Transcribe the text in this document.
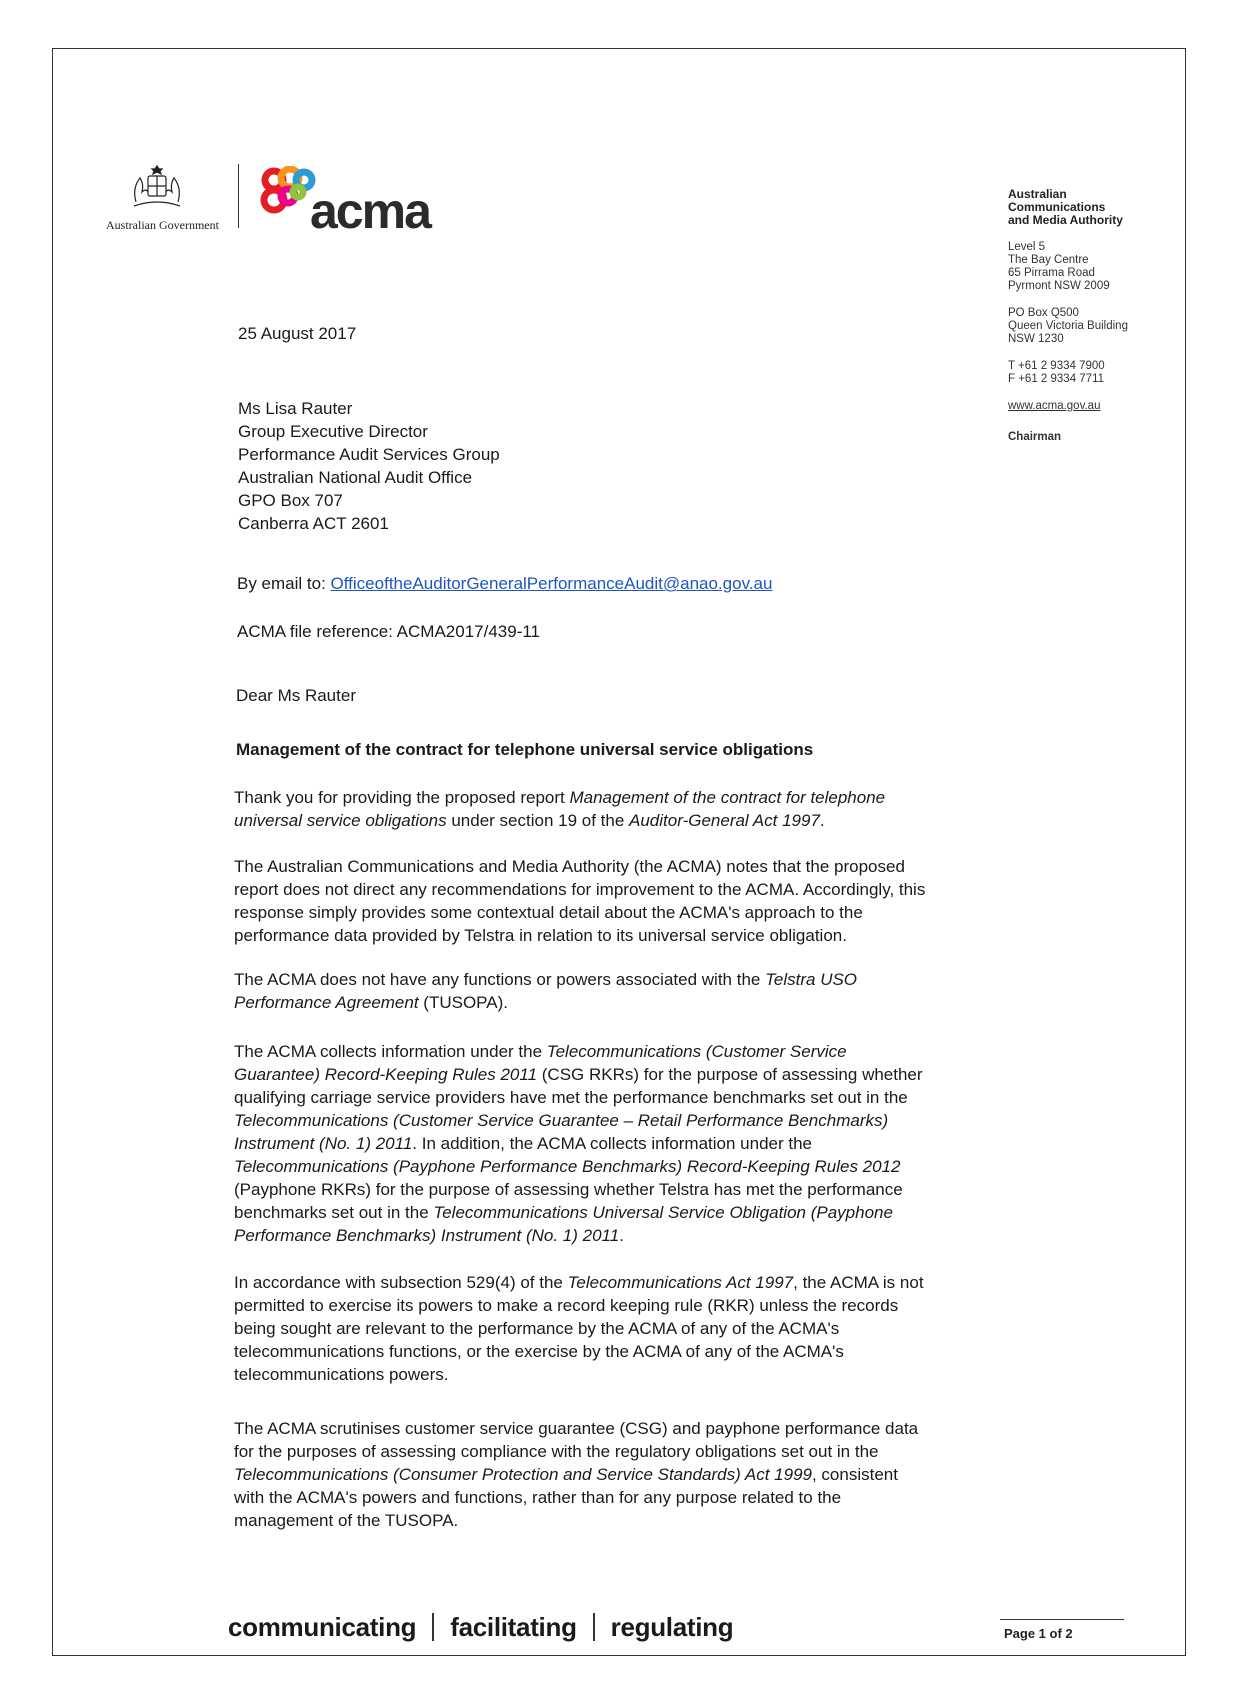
Australian Government acma	Australian
Communications
and Media Authority
Level 5
The Bay Centre
65 Pirrama Road
Pyrmont NSW 2009
PO Box Q500
Queen Victoria Building
NSW 1230
T +61 2 9334 7900
F +61 2 9334 7711
www.acma.gov.au
Chairman
25 August 2017
Ms Lisa Rauter
Group Executive Director
Performance Audit Services Group
Australian National Audit Office
GPO Box 707
Canberra ACT 2601
By email to: OfficeoftheAuditorGeneralPerformanceAudit@anao.gov.au
ACMA file reference: ACMA2017/439-11
Dear Ms Rauter
Management of the contract for telephone universal service obligations
Thank you for providing the proposed report Management of the contract for telephone
universal service obligations under section 19 of the Auditor-General Act 1997.
The Australian Communications and Media Authority (the ACMA) notes that the proposed
report does not direct any recommendations for improvement to the ACMA. Accordingly, this
response simply provides some contextual detail about the ACMA's approach to the
performance data provided by Telstra in relation to its universal service obligation.
The ACMA does not have any functions or powers associated with the Telstra USO
Performance Agreement (TUSOPA).
The ACMA collects information under the Telecommunications (Customer Service
Guarantee) Record-Keeping Rules 2011 (CSG RKRs) for the purpose of assessing whether
qualifying carriage service providers have met the performance benchmarks set out in the
Telecommunications (Customer Service Guarantee – Retail Performance Benchmarks)
Instrument (No. 1) 2011. In addition, the ACMA collects information under the
Telecommunications (Payphone Performance Benchmarks) Record-Keeping Rules 2012
(Payphone RKRs) for the purpose of assessing whether Telstra has met the performance
benchmarks set out in the Telecommunications Universal Service Obligation (Payphone
Performance Benchmarks) Instrument (No. 1) 2011.
In accordance with subsection 529(4) of the Telecommunications Act 1997, the ACMA is not
permitted to exercise its powers to make a record keeping rule (RKR) unless the records
being sought are relevant to the performance by the ACMA of any of the ACMA's
telecommunications functions, or the exercise by the ACMA of any of the ACMA's
telecommunications powers.
The ACMA scrutinises customer service guarantee (CSG) and payphone performance data
for the purposes of assessing compliance with the regulatory obligations set out in the
Telecommunications (Consumer Protection and Service Standards) Act 1999, consistent
with the ACMA's powers and functions, rather than for any purpose related to the
management of the TUSOPA.
communicating facilitating regulating	Page 1 of 2
